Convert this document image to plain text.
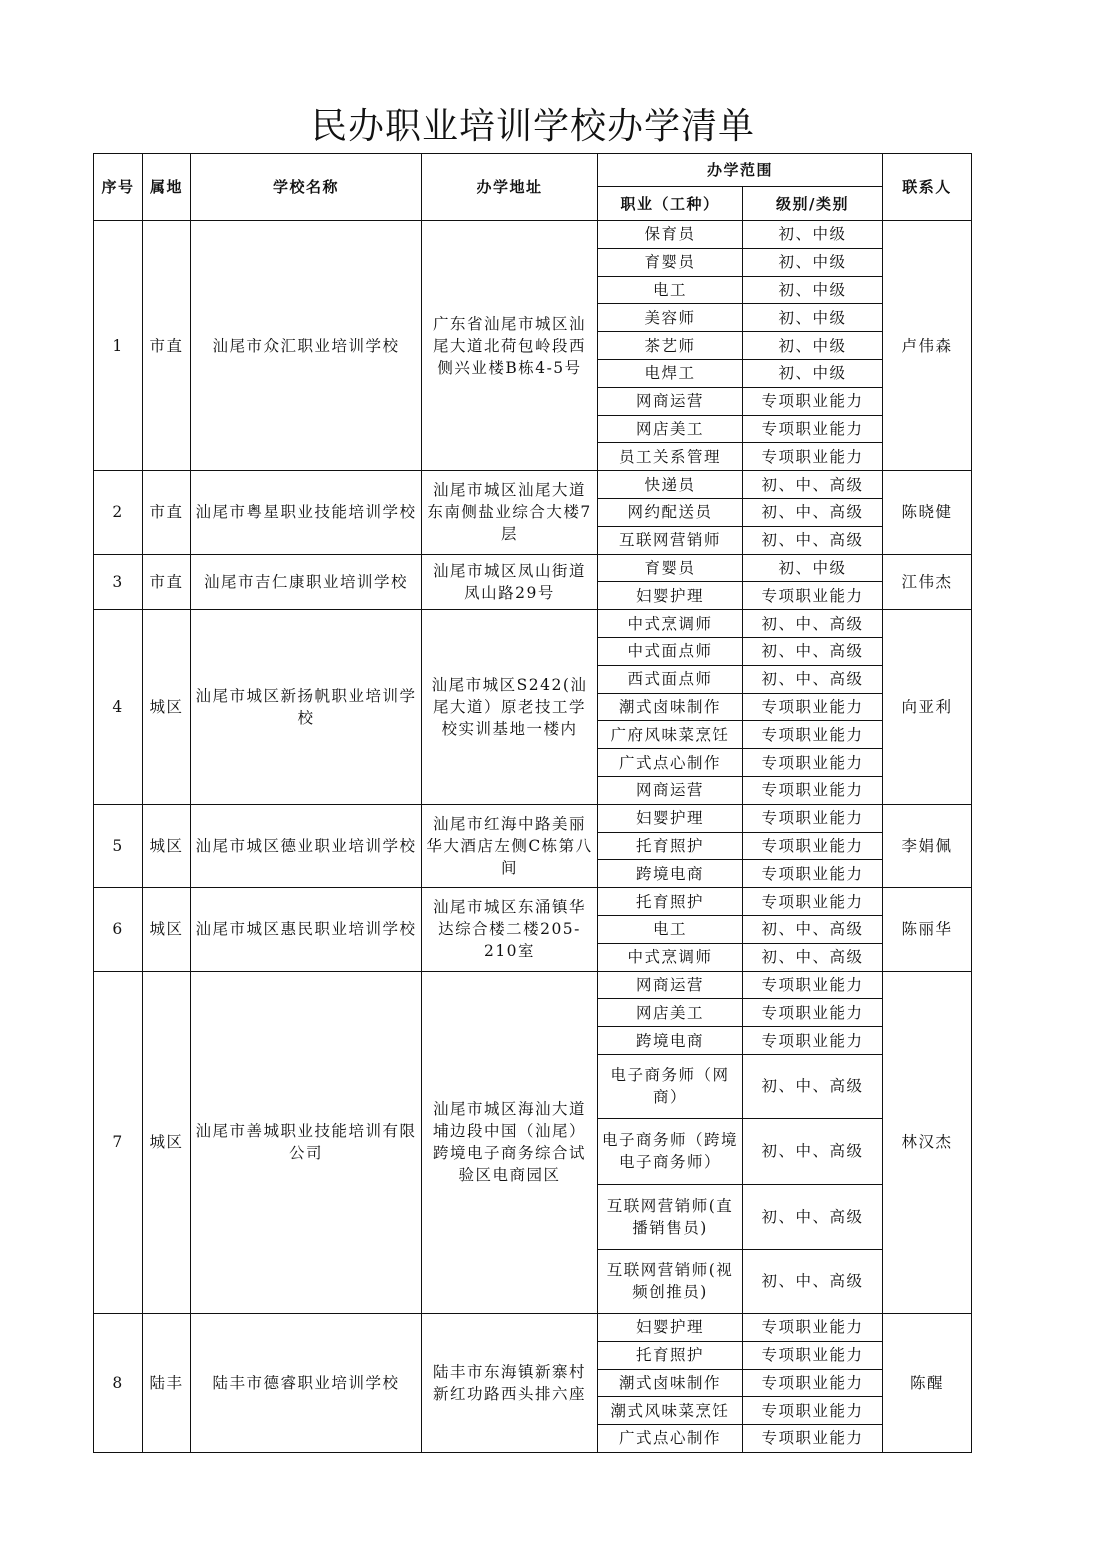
民办职业培训学校办学清单
序号	属地	学校名称	办学地址	办学范围		联系人
				职业（工种）	级别/类别	
1	市直	汕尾市众汇职业培训学校	广东省汕尾市城区汕尾大道北荷包岭段西侧兴业楼B栋4-5号	保育员	初、中级	卢伟森
				育婴员	初、中级	
				电工	初、中级	
				美容师	初、中级	
				茶艺师	初、中级	
				电焊工	初、中级	
				网商运营	专项职业能力	
				网店美工	专项职业能力	
				员工关系管理	专项职业能力	
2	市直	汕尾市粤星职业技能培训学校	汕尾市城区汕尾大道东南侧盐业综合大楼7层	快递员	初、中、高级	陈晓健
				网约配送员	初、中、高级	
				互联网营销师	初、中、高级	
3	市直	汕尾市吉仁康职业培训学校	汕尾市城区凤山街道凤山路29号	育婴员	初、中级	江伟杰
				妇婴护理	专项职业能力	
4	城区	汕尾市城区新扬帆职业培训学校	汕尾市城区S242(汕尾大道）原老技工学校实训基地一楼内	中式烹调师	初、中、高级	向亚利
				中式面点师	初、中、高级	
				西式面点师	初、中、高级	
				潮式卤味制作	专项职业能力	
				广府风味菜烹饪	专项职业能力	
				广式点心制作	专项职业能力	
				网商运营	专项职业能力	
5	城区	汕尾市城区德业职业培训学校	汕尾市红海中路美丽华大酒店左侧C栋第八间	妇婴护理	专项职业能力	李娟佩
				托育照护	专项职业能力	
				跨境电商	专项职业能力	
6	城区	汕尾市城区惠民职业培训学校	汕尾市城区东涌镇华达综合楼二楼205-210室	托育照护	专项职业能力	陈丽华
				电工	初、中、高级	
				中式烹调师	初、中、高级	
7	城区	汕尾市善城职业技能培训有限公司	汕尾市城区海汕大道埔边段中国（汕尾）跨境电子商务综合试验区电商园区	网商运营	专项职业能力	林汉杰
				网店美工	专项职业能力	
				跨境电商	专项职业能力	
				电子商务师（网商）	初、中、高级	
				电子商务师（跨境电子商务师）	初、中、高级	
				互联网营销师(直播销售员)	初、中、高级	
				互联网营销师(视频创推员)	初、中、高级	
8	陆丰	陆丰市德睿职业培训学校	陆丰市东海镇新寨村新红功路西头排六座	妇婴护理	专项职业能力	陈醒
				托育照护	专项职业能力	
				潮式卤味制作	专项职业能力	
				潮式风味菜烹饪	专项职业能力	
				广式点心制作	专项职业能力	
